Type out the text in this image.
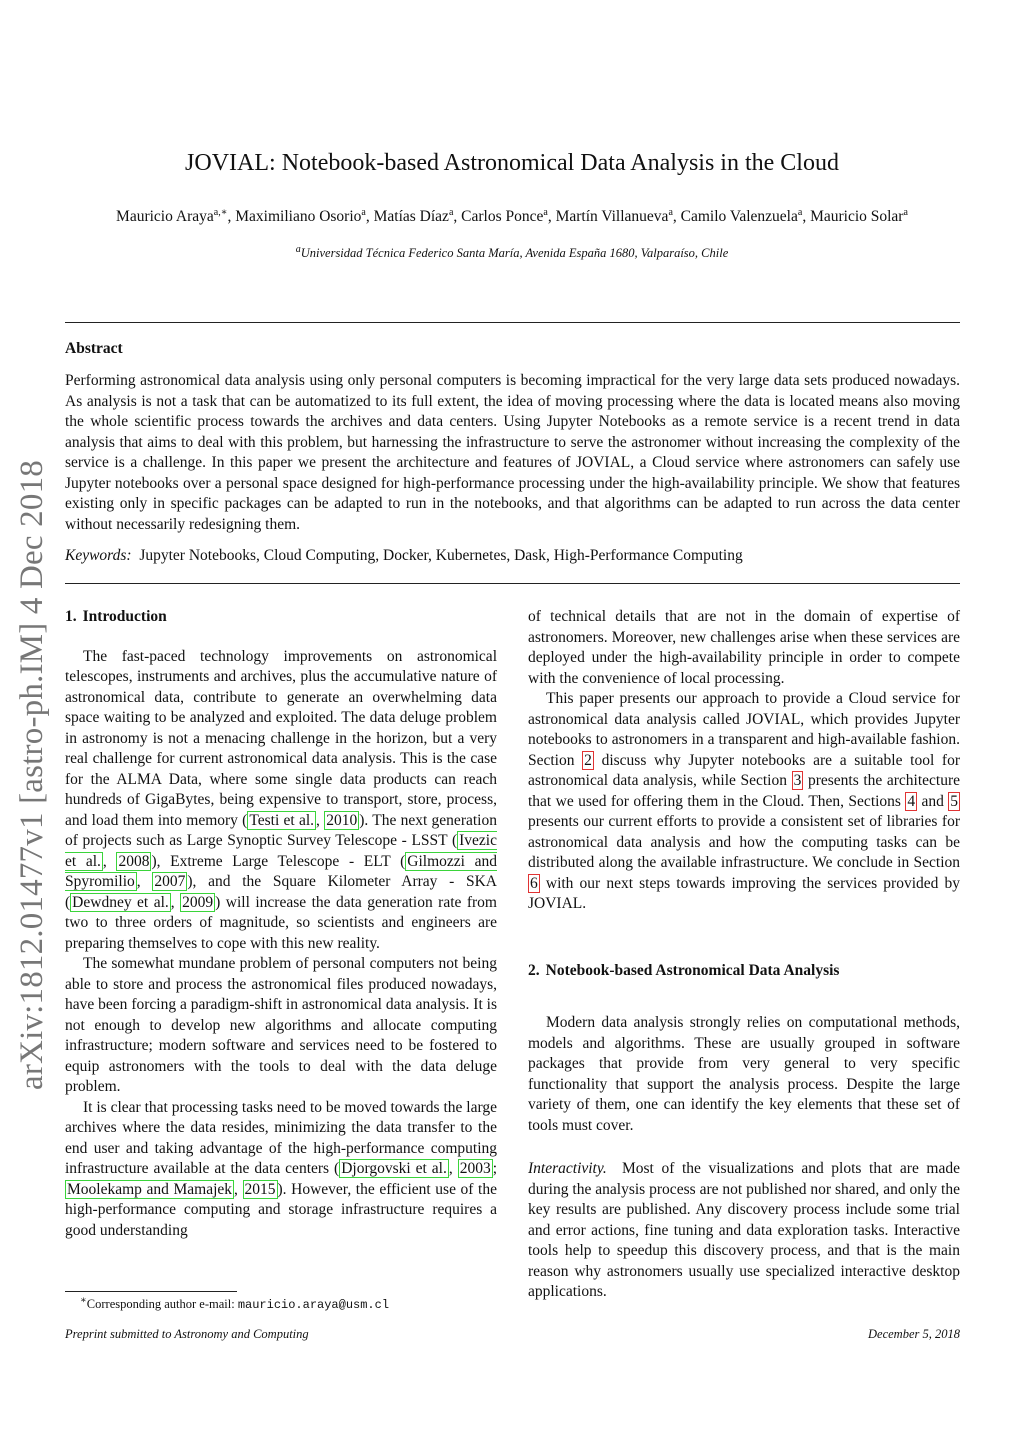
arXiv:1812.01477v1 [astro-ph.IM] 4 Dec 2018
JOVIAL: Notebook-based Astronomical Data Analysis in the Cloud
Mauricio Araya$^{a,∗}$, Maximiliano Osorio$^a$, Matías Díaz$^a$, Carlos Ponce$^a$, Martín Villanueva$^a$, Camilo Valenzuela$^a$, Mauricio Solar$^a$
$^a$Universidad Técnica Federico Santa María, Avenida España 1680, Valparaíso, Chile
Abstract
Performing astronomical data analysis using only personal computers is becoming impractical for the very large data sets produced nowadays. As analysis is not a task that can be automatized to its full extent, the idea of moving processing where the data is located means also moving the whole scientific process towards the archives and data centers. Using Jupyter Notebooks as a remote service is a recent trend in data analysis that aims to deal with this problem, but harnessing the infrastructure to serve the astronomer without increasing the complexity of the service is a challenge. In this paper we present the architecture and features of JOVIAL, a Cloud service where astronomers can safely use Jupyter notebooks over a personal space designed for high-performance processing under the high-availability principle. We show that features existing only in specific packages can be adapted to run in the notebooks, and that algorithms can be adapted to run across the data center without necessarily redesigning them.
Keywords: Jupyter Notebooks, Cloud Computing, Docker, Kubernetes, Dask, High-Performance Computing
1. Introduction

The fast-paced technology improvements on astronomical telescopes, instruments and archives, plus the accumulative nature of astronomical data, contribute to generate an overwhelming data space waiting to be analyzed and exploited. The data deluge problem in astronomy is not a menacing challenge in the horizon, but a very real challenge for current astronomical data analysis. This is the case for the ALMA Data, where some single data products can reach hundreds of GigaBytes, being expensive to transport, store, process, and load them into memory ( Testi et al. , 2010 ). The next generation of projects such as Large Synoptic Survey Telescope - LSST ( Ivezic et al. , 2008 ), Extreme Large Telescope - ELT ( Gilmozzi and Spyromilio , 2007 ), and the Square Kilometer Array - SKA ( Dewdney et al. , 2009 ) will increase the data generation rate from two to three orders of magnitude, so scientists and engineers are preparing themselves to cope with this new reality.

The somewhat mundane problem of personal computers not being able to store and process the astronomical files produced nowadays, have been forcing a paradigm-shift in astronomical data analysis. It is not enough to develop new algorithms and allocate computing infrastructure; modern software and services need to be fostered to equip astronomers with the tools to deal with the data deluge problem.

It is clear that processing tasks need to be moved towards the large archives where the data resides, minimizing the data transfer to the end user and taking advantage of the high-performance computing infrastructure available at the data centers ( Djorgovski et al. , 2003 ; Moolekamp and Mamajek , 2015 ). However, the efficient use of the high-performance computing and storage infrastructure requires a good understanding

of technical details that are not in the domain of expertise of astronomers. Moreover, new challenges arise when these services are deployed under the high-availability principle in order to compete with the convenience of local processing.

This paper presents our approach to provide a Cloud service for astronomical data analysis called JOVIAL, which provides Jupyter notebooks to astronomers in a transparent and high-available fashion. Section 2 discuss why Jupyter notebooks are a suitable tool for astronomical data analysis, while Section 3 presents the architecture that we used for offering them in the Cloud. Then, Sections 4 and 5 presents our current efforts to provide a consistent set of libraries for astronomical data analysis and how the computing tasks can be distributed along the available infrastructure. We conclude in Section 6 with our next steps towards improving the services provided by JOVIAL.

2. Notebook-based Astronomical Data Analysis

Modern data analysis strongly relies on computational methods, models and algorithms. These are usually grouped in software packages that provide from very general to very specific functionality that support the analysis process. Despite the large variety of them, one can identify the key elements that these set of tools must cover.

Interactivity. Most of the visualizations and plots that are made during the analysis process are not published nor shared, and only the key results are published. Any discovery process include some trial and error actions, fine tuning and data exploration tasks. Interactive tools help to speedup this discovery process, and that is the main reason why astronomers usually use specialized interactive desktop applications.

∗Corresponding author e-mail: mauricio.araya@usm.cl
Preprint submitted to Astronomy and Computing	December 5, 2018
